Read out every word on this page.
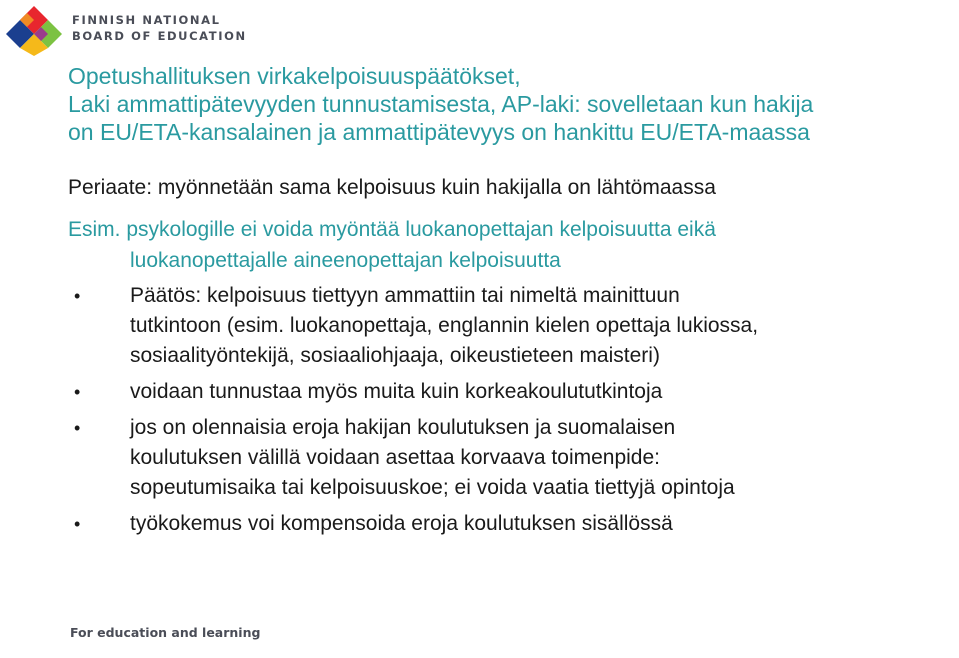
FINNISH NATIONAL
BOARD OF EDUCATION
Opetushallituksen virkakelpoisuuspäätökset,
Laki ammattipätevyyden tunnustamisesta, AP-laki: sovelletaan kun hakija
on EU/ETA-kansalainen ja ammattipätevyys on hankittu EU/ETA-maassa
Periaate: myönnetään sama kelpoisuus kuin hakijalla on lähtömaassa
Esim. psykologille ei voida myöntää luokanopettajan kelpoisuutta eikä
luokanopettajalle aineenopettajan kelpoisuutta
• Päätös: kelpoisuus tiettyyn ammattiin tai nimeltä mainittuun
tutkintoon (esim. luokanopettaja, englannin kielen opettaja lukiossa,
sosiaalityöntekijä, sosiaaliohjaaja, oikeustieteen maisteri)
• voidaan tunnustaa myös muita kuin korkeakoulututkintoja
• jos on olennaisia eroja hakijan koulutuksen ja suomalaisen
koulutuksen välillä voidaan asettaa korvaava toimenpide:
sopeutumisaika tai kelpoisuuskoe; ei voida vaatia tiettyjä opintoja
• työkokemus voi kompensoida eroja koulutuksen sisällössä
For education and learning
